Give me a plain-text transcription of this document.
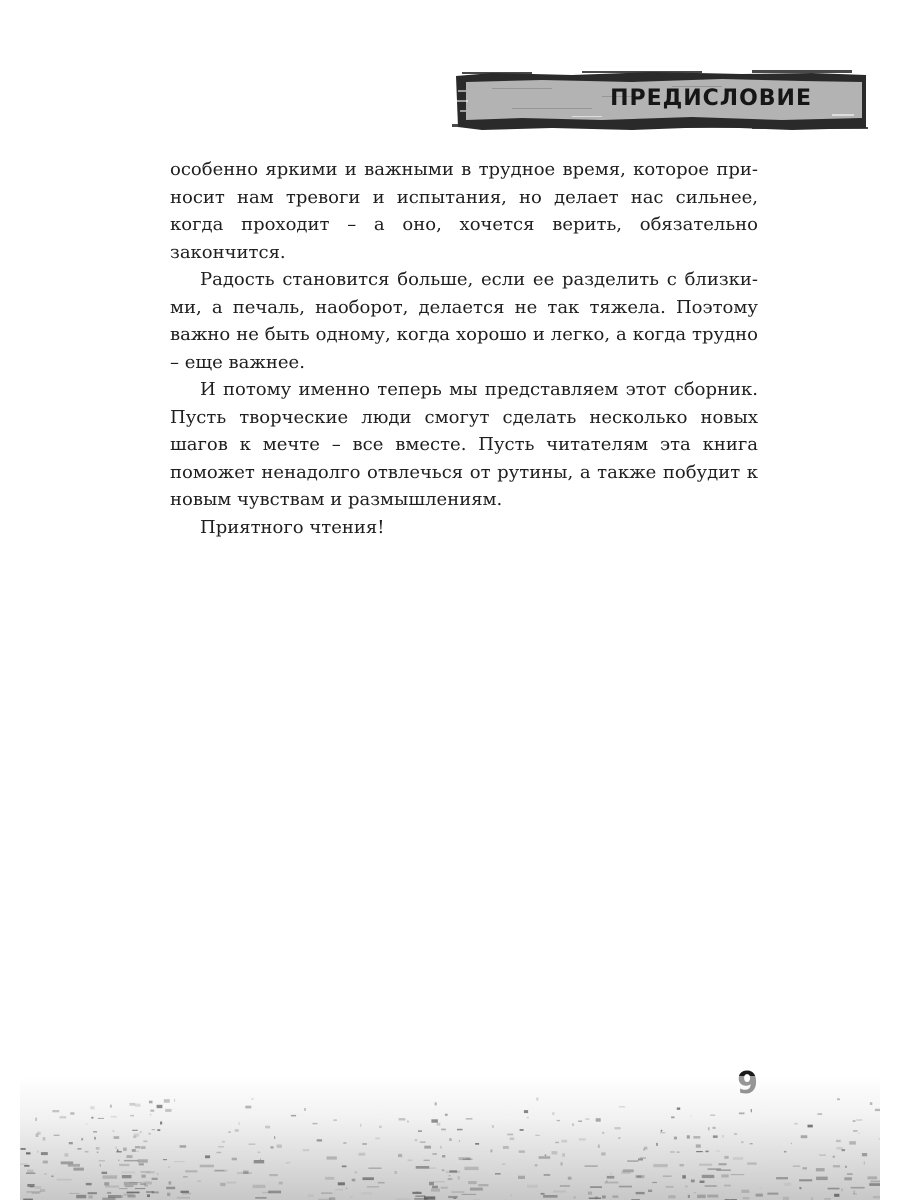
ПРЕДИСЛОВИЕ

особенно яркими и важными в трудное время, которое приносит нам тревоги и испытания, но делает нас сильнее, когда проходит – а оно, хочется верить, обязательно закончится.

Радость становится больше, если ее разделить с близкими, а печаль, наоборот, делается не так тяжела. Поэтому важно не быть одному, когда хорошо и легко, а когда трудно – еще важнее.

И потому именно теперь мы представляем этот сборник. Пусть творческие люди смогут сделать несколько новых шагов к мечте – все вместе. Пусть читателям эта книга поможет ненадолго отвлечься от рутины, а также побудит к новым чувствам и размышлениям.

Приятного чтения!
